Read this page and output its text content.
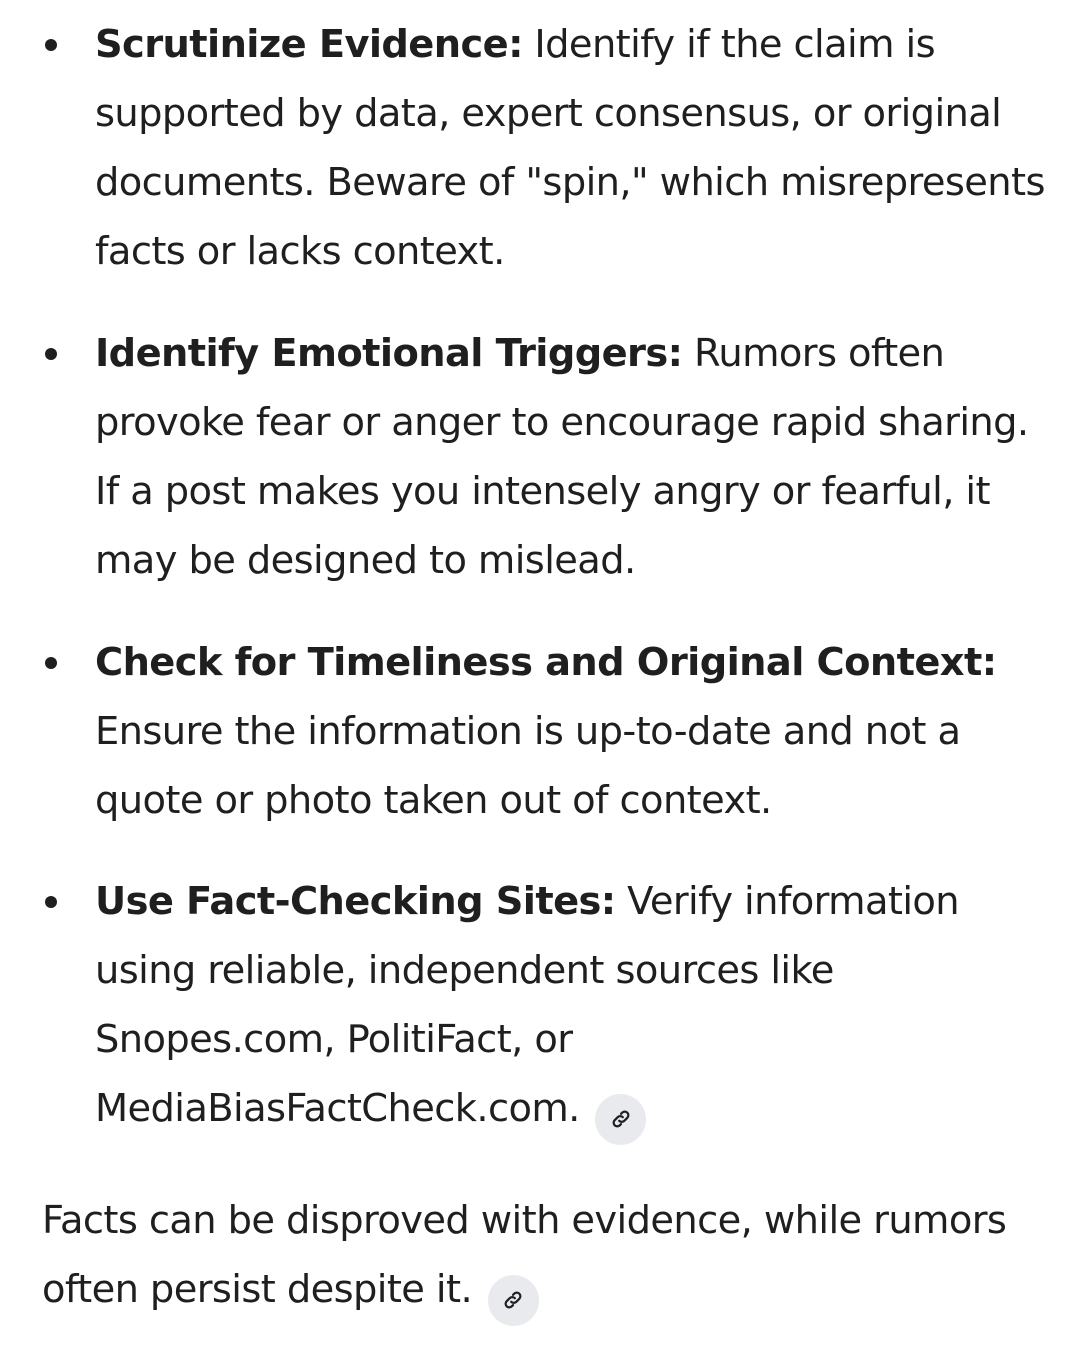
Scrutinize Evidence: Identify if the claim is supported by data, expert consensus, or original documents. Beware of "spin," which misrepresents facts or lacks context.
Identify Emotional Triggers: Rumors often provoke fear or anger to encourage rapid sharing. If a post makes you intensely angry or fearful, it may be designed to mislead.
Check for Timeliness and Original Context: Ensure the information is up-to-date and not a quote or photo taken out of context.
Use Fact-Checking Sites: Verify information using reliable, independent sources like Snopes.com, PolitiFact, or MediaBiasFactCheck.com.

Facts can be disproved with evidence, while rumors often persist despite it.
